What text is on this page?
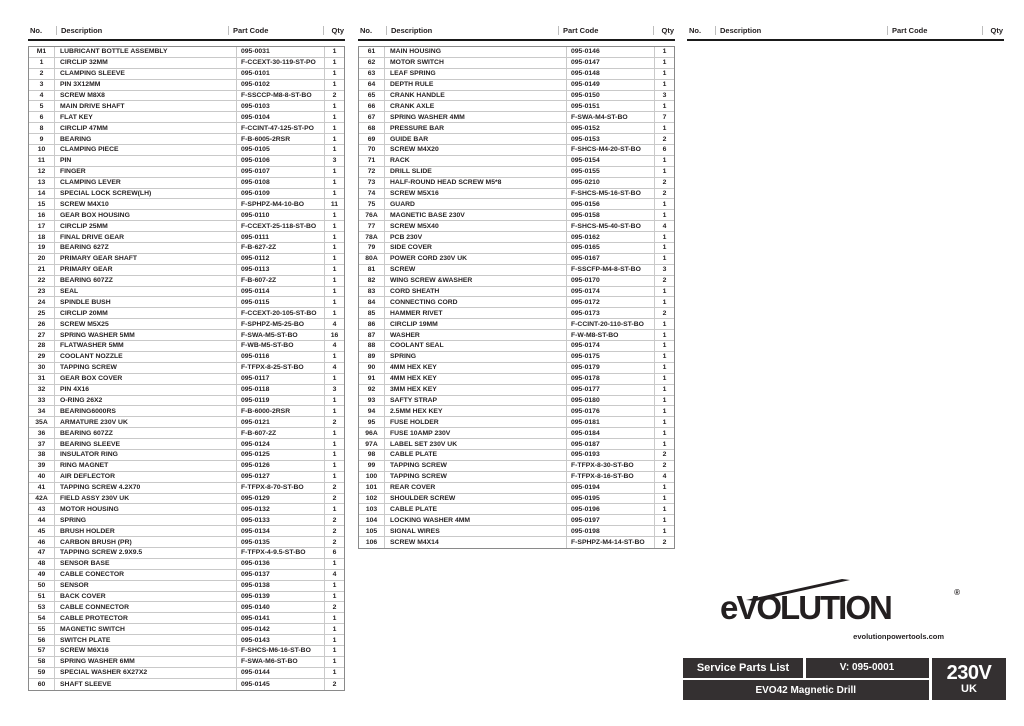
No.	Description	Part Code	Qty
M1	LUBRICANT BOTTLE ASSEMBLY	095-0031	1
1	CIRCLIP 32MM	F-CCEXT-30-119-ST-PO	1
2	CLAMPING SLEEVE	095-0101	1
3	PIN 3X12MM	095-0102	1
4	SCREW M8X8	F-SSCCP-M8-8-ST-BO	2
5	MAIN DRIVE SHAFT	095-0103	1
6	FLAT KEY	095-0104	1
8	CIRCLIP 47MM	F-CCINT-47-125-ST-PO	1
9	BEARING	F-B-6005-2RSR	1
10	CLAMPING PIECE	095-0105	1
11	PIN	095-0106	3
12	FINGER	095-0107	1
13	CLAMPING LEVER	095-0108	1
14	SPECIAL LOCK SCREW(LH)	095-0109	1
15	SCREW M4X10	F-SPHPZ-M4-10-BO	11
16	GEAR BOX HOUSING	095-0110	1
17	CIRCLIP 25MM	F-CCEXT-25-118-ST-BO	1
18	FINAL DRIVE GEAR	095-0111	1
19	BEARING 627Z	F-B-627-2Z	1
20	PRIMARY GEAR SHAFT	095-0112	1
21	PRIMARY GEAR	095-0113	1
22	BEARING 607ZZ	F-B-607-2Z	1
23	SEAL	095-0114	1
24	SPINDLE BUSH	095-0115	1
25	CIRCLIP 20MM	F-CCEXT-20-105-ST-BO	1
26	SCREW M5X25	F-SPHPZ-M5-25-BO	4
27	SPRING WASHER 5MM	F-SWA-M5-ST-BO	16
28	FLATWASHER 5MM	F-WB-M5-ST-BO	4
29	COOLANT NOZZLE	095-0116	1
30	TAPPING SCREW	F-TFPX-8-25-ST-BO	4
31	GEAR BOX COVER	095-0117	1
32	PIN 4X16	095-0118	3
33	O-RING 26X2	095-0119	1
34	BEARING6000RS	F-B-6000-2RSR	1
35A	ARMATURE 230V UK	095-0121	2
36	BEARING 607ZZ	F-B-607-2Z	1
37	BEARING SLEEVE	095-0124	1
38	INSULATOR RING	095-0125	1
39	RING MAGNET	095-0126	1
40	AIR DEFLECTOR	095-0127	1
41	TAPPING SCREW 4.2X70	F-TFPX-8-70-ST-BO	2
42A	FIELD ASSY 230V UK	095-0129	2
43	MOTOR HOUSING	095-0132	1
44	SPRING	095-0133	2
45	BRUSH HOLDER	095-0134	2
46	CARBON BRUSH (PR)	095-0135	2
47	TAPPING SCREW 2.9X9.5	F-TFPX-4-9.5-ST-BO	6
48	SENSOR BASE	095-0136	1
49	CABLE CONECTOR	095-0137	4
50	SENSOR	095-0138	1
51	BACK COVER	095-0139	1
53	CABLE CONNECTOR	095-0140	2
54	CABLE PROTECTOR	095-0141	1
55	MAGNETIC SWITCH	095-0142	1
56	SWITCH PLATE	095-0143	1
57	SCREW M6X16	F-SHCS-M6-16-ST-BO	1
58	SPRING WASHER 6MM	F-SWA-M6-ST-BO	1
59	SPECIAL WASHER 6X27X2	095-0144	1
60	SHAFT SLEEVE	095-0145	2
No.	Description	Part Code	Qty
61	MAIN HOUSING	095-0146	1
62	MOTOR SWITCH	095-0147	1
63	LEAF SPRING	095-0148	1
64	DEPTH RULE	095-0149	1
65	CRANK HANDLE	095-0150	3
66	CRANK AXLE	095-0151	1
67	SPRING WASHER 4MM	F-SWA-M4-ST-BO	7
68	PRESSURE BAR	095-0152	1
69	GUIDE BAR	095-0153	2
70	SCREW M4X20	F-SHCS-M4-20-ST-BO	6
71	RACK	095-0154	1
72	DRILL SLIDE	095-0155	1
73	HALF-ROUND HEAD SCREW M5*8	095-0210	2
74	SCREW M5X16	F-SHCS-M5-16-ST-BO	2
75	GUARD	095-0156	1
76A	MAGNETIC BASE 230V	095-0158	1
77	SCREW M5X40	F-SHCS-M5-40-ST-BO	4
78A	PCB 230V	095-0162	1
79	SIDE COVER	095-0165	1
80A	POWER CORD 230V UK	095-0167	1
81	SCREW	F-SSCFP-M4-8-ST-BO	3
82	WING SCREW &WASHER	095-0170	2
83	CORD SHEATH	095-0174	1
84	CONNECTING CORD	095-0172	1
85	HAMMER RIVET	095-0173	2
86	CIRCLIP 19MM	F-CCINT-20-110-ST-BO	1
87	WASHER	F-W-M8-ST-BO	1
88	COOLANT SEAL	095-0174	1
89	SPRING	095-0175	1
90	4MM HEX KEY	095-0179	1
91	4MM HEX KEY	095-0178	1
92	3MM HEX KEY	095-0177	1
93	SAFTY STRAP	095-0180	1
94	2.5MM HEX KEY	095-0176	1
95	FUSE HOLDER	095-0181	1
96A	FUSE 10AMP 230V	095-0184	1
97A	LABEL SET 230V UK	095-0187	1
98	CABLE PLATE	095-0193	2
99	TAPPING SCREW	F-TFPX-8-30-ST-BO	2
100	TAPPING SCREW	F-TFPX-8-16-ST-BO	4
101	REAR COVER	095-0194	1
102	SHOULDER SCREW	095-0195	1
103	CABLE PLATE	095-0196	1
104	LOCKING WASHER 4MM	095-0197	1
105	SIGNAL WIRES	095-0198	1
106	SCREW M4X14	F-SPHPZ-M4-14-ST-BO	2
No.	Description	Part Code	Qty
eVOLUTION	®
evolutionpowertools.com
Service Parts List	V: 095-0001
EVO42 Magnetic Drill
230V
UK
